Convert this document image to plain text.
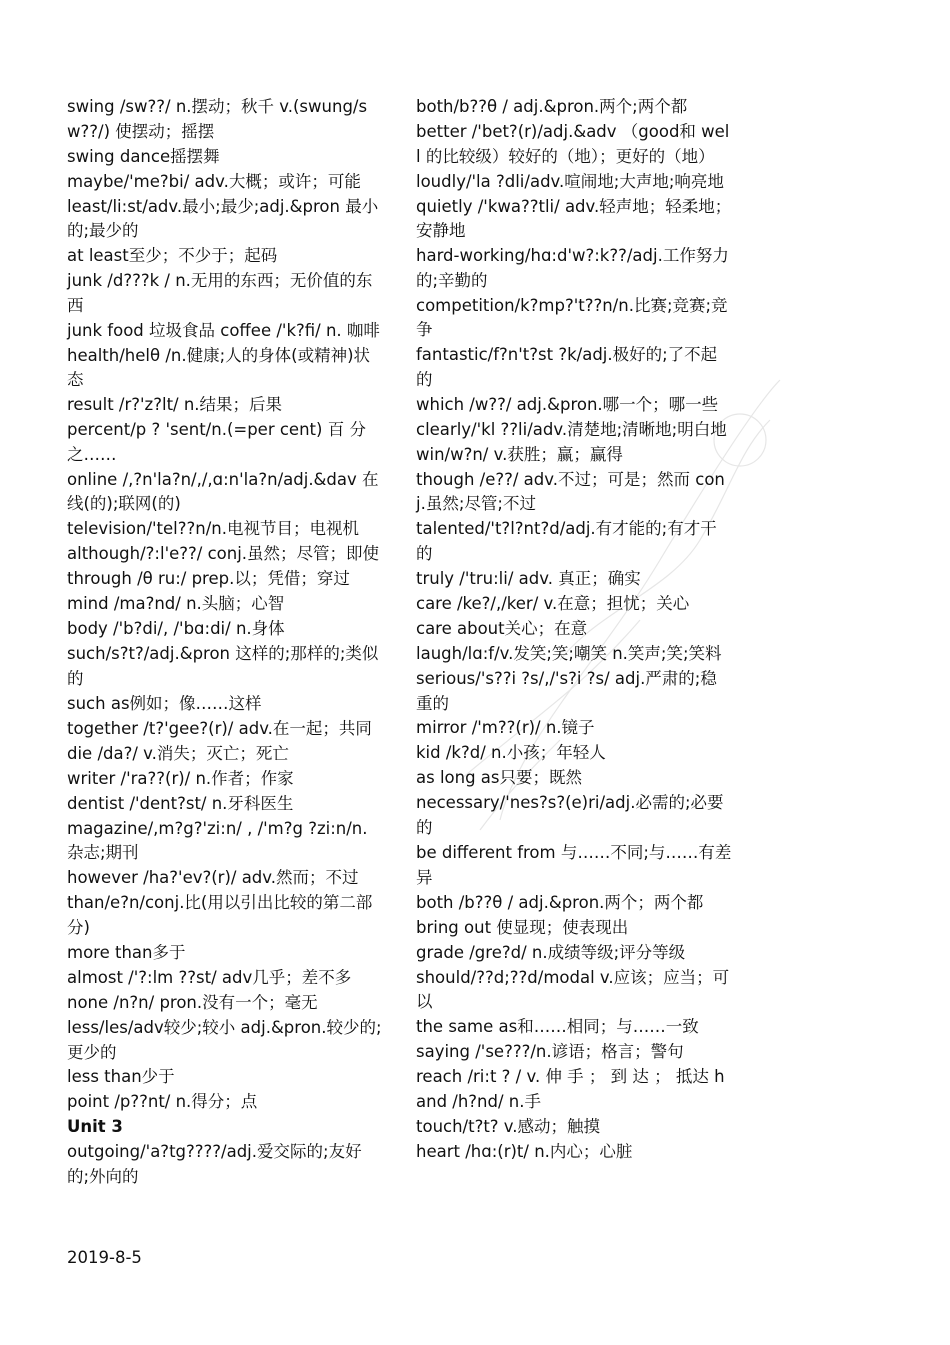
swing /sw??/ n.摆动；秋千 v.(swung/sw??/) 使摆动；摇摆
swing dance摇摆舞
maybe/'me?bi/ adv.大概；或许；可能
least/li:st/adv.最小;最少;adj.&pron 最小的;最少的
at least至少；不少于；起码
junk /d???k / n.无用的东西；无价值的东西
junk food 垃圾食品 coffee /'k?fi/ n. 咖啡
health/helθ /n.健康;人的身体(或精神)状态
result /r?'z?lt/ n.结果；后果
percent/p ? 'sent/n.(=per cent) 百 分之……
online /,?n'la?n/,/,ɑ:n'la?n/adj.&dav 在线(的);联网(的)
television/'tel??n/n.电视节目；电视机
although/?:l'e??/ conj.虽然；尽管；即使
through /θ ru:/ prep.以；凭借；穿过
mind /ma?nd/ n.头脑；心智
body /'b?di/, /'bɑ:di/ n.身体
such/s?t?/adj.&pron 这样的;那样的;类似的
such as例如；像……这样
together /t?'gee?(r)/ adv.在一起；共同
die /da?/ v.消失；灭亡；死亡
writer /'ra??(r)/ n.作者；作家
dentist /'dent?st/ n.牙科医生
magazine/,m?g?'zi:n/ , /'m?g ?zi:n/n.杂志;期刊
however /ha?'ev?(r)/ adv.然而；不过
than/e?n/conj.比(用以引出比较的第二部分)
more than多于
almost /'?:lm ??st/ adv几乎；差不多
none /n?n/ pron.没有一个；毫无
less/les/adv较少;较小 adj.&pron.较少的;更少的
less than少于
point /p??nt/ n.得分；点
Unit 3
outgoing/'a?tg????/adj.爱交际的;友好的;外向的
both/b??θ / adj.&pron.两个;两个都
better /'bet?(r)/adj.&adv （good和 well 的比较级）较好的（地）；更好的（地）
loudly/'la ?dli/adv.喧闹地;大声地;响亮地
quietly /'kwa??tli/ adv.轻声地；轻柔地；安静地
hard-working/hɑ:d'w?:k??/adj.工作努力的;辛勤的
competition/k?mp?'t??n/n.比赛;竞赛;竞争
fantastic/f?n't?st ?k/adj.极好的;了不起的
which /w??/ adj.&pron.哪一个；哪一些
clearly/'kl ??li/adv.清楚地;清晰地;明白地
win/w?n/ v.获胜；赢；赢得
though /e??/ adv.不过；可是；然而 conj.虽然;尽管;不过
talented/'t?l?nt?d/adj.有才能的;有才干的
truly /'tru:li/ adv. 真正；确实
care /ke?/,/ker/ v.在意；担忧；关心
care about关心；在意
laugh/lɑ:f/v.发笑;笑;嘲笑 n.笑声;笑;笑料
serious/'s??i ?s/,/'s?i ?s/ adj.严肃的;稳重的
mirror /'m??(r)/ n.镜子
kid /k?d/ n.小孩；年轻人
as long as只要；既然
necessary/'nes?s?(e)ri/adj.必需的;必要的
be different from 与……不同;与……有差异
both /b??θ / adj.&pron.两个；两个都
bring out 使显现；使表现出
grade /gre?d/ n.成绩等级;评分等级
should/??d;??d/modal v.应该；应当；可以
the same as和……相同；与……一致
saying /'se???/n.谚语；格言；警句
reach /ri:t ? / v. 伸 手 ； 到 达 ； 抵达 hand /h?nd/ n.手
touch/t?t? v.感动；触摸
heart /hɑ:(r)t/ n.内心；心脏
2019-8-5
